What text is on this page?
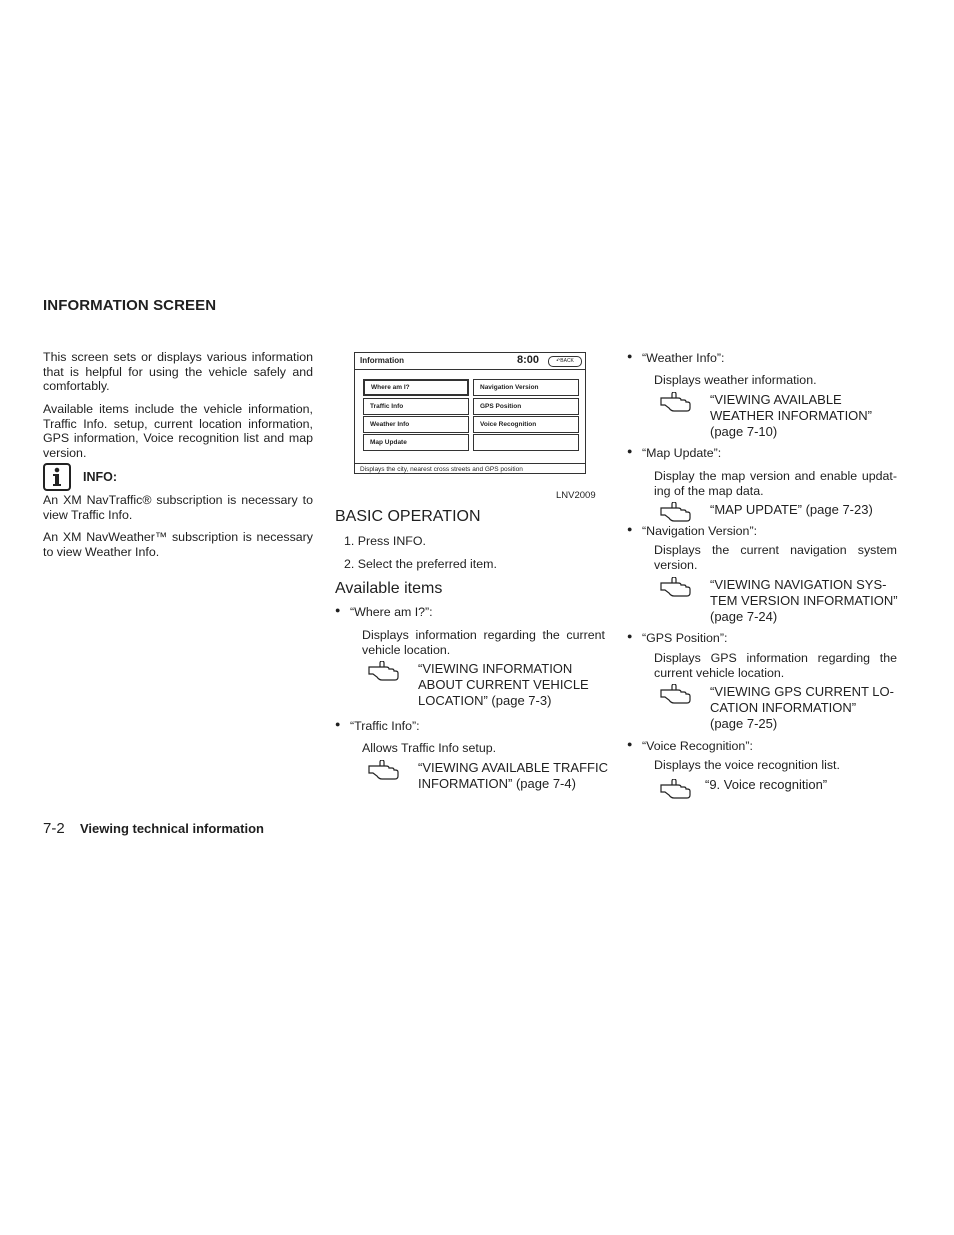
INFORMATION SCREEN
This screen sets or displays various information that is helpful for using the vehicle safely and comfortably.
Available items include the vehicle information, Traffic Info. setup, current location information, GPS information, Voice recognition list and map version.
INFO:
An XM NavTraffic® subscription is necessary to view Traffic Info.
An XM NavWeather™ subscription is necessary to view Weather Info.
Information	8:00	↶BACK
Where am I?
Traffic Info
Weather Info
Map Update
Navigation Version
GPS Position
Voice Recognition
Displays the city, nearest cross streets and GPS position
LNV2009
BASIC OPERATION
1. Press INFO.
2. Select the preferred item.
Available items
● “Where am I?”:
Displays information regarding the current vehicle location.
“VIEWING INFORMATION
ABOUT CURRENT VEHICLE
LOCATION” (page 7-3)
● “Traffic Info”:
Allows Traffic Info setup.
“VIEWING AVAILABLE TRAFFIC
INFORMATION” (page 7-4)
● “Weather Info”:
Displays weather information.
“VIEWING AVAILABLE
WEATHER INFORMATION”
(page 7-10)
● “Map Update”:
Display the map version and enable updat-ing of the map data.
“MAP UPDATE” (page 7-23)
● “Navigation Version”:
Displays the current navigation system version.
“VIEWING NAVIGATION SYS-
TEM VERSION INFORMATION”
(page 7-24)
● “GPS Position”:
Displays GPS information regarding the current vehicle location.
“VIEWING GPS CURRENT LO-
CATION INFORMATION”
(page 7-25)
● “Voice Recognition”:
Displays the voice recognition list.
“9. Voice recognition”
7-2 Viewing technical information
